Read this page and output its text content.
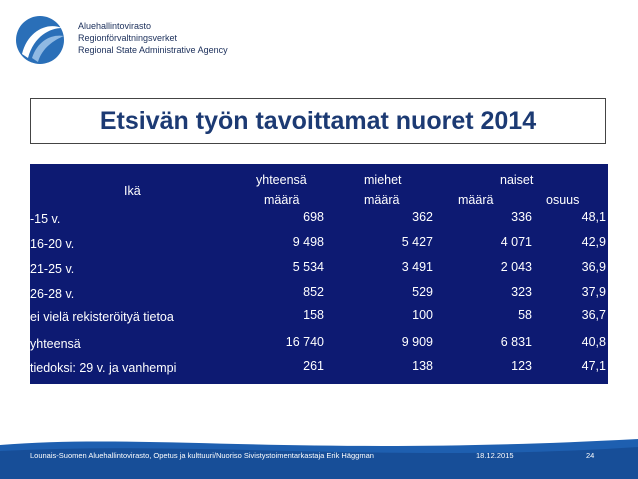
Aluehallintovirasto
Regionförvaltningsverket
Regional State Administrative Agency
Etsivän työn tavoittamat nuoret 2014
Ikä
yhteensä	miehet	naiset
määrä	määrä	määrä	osuus
-15 v.	698	362	336	48,1
16-20 v.	9 498	5 427	4 071	42,9
21-25 v.	5 534	3 491	2 043	36,9
26-28 v.	852	529	323	37,9
ei vielä rekisteröityä tietoa	158	100	58	36,7
yhteensä	16 740	9 909	6 831	40,8
tiedoksi: 29 v. ja vanhempi	261	138	123	47,1
Lounais-Suomen Aluehallintovirasto, Opetus ja kulttuuri/Nuoriso Sivistystoimentarkastaja Erik Häggman	18.12.2015	24
